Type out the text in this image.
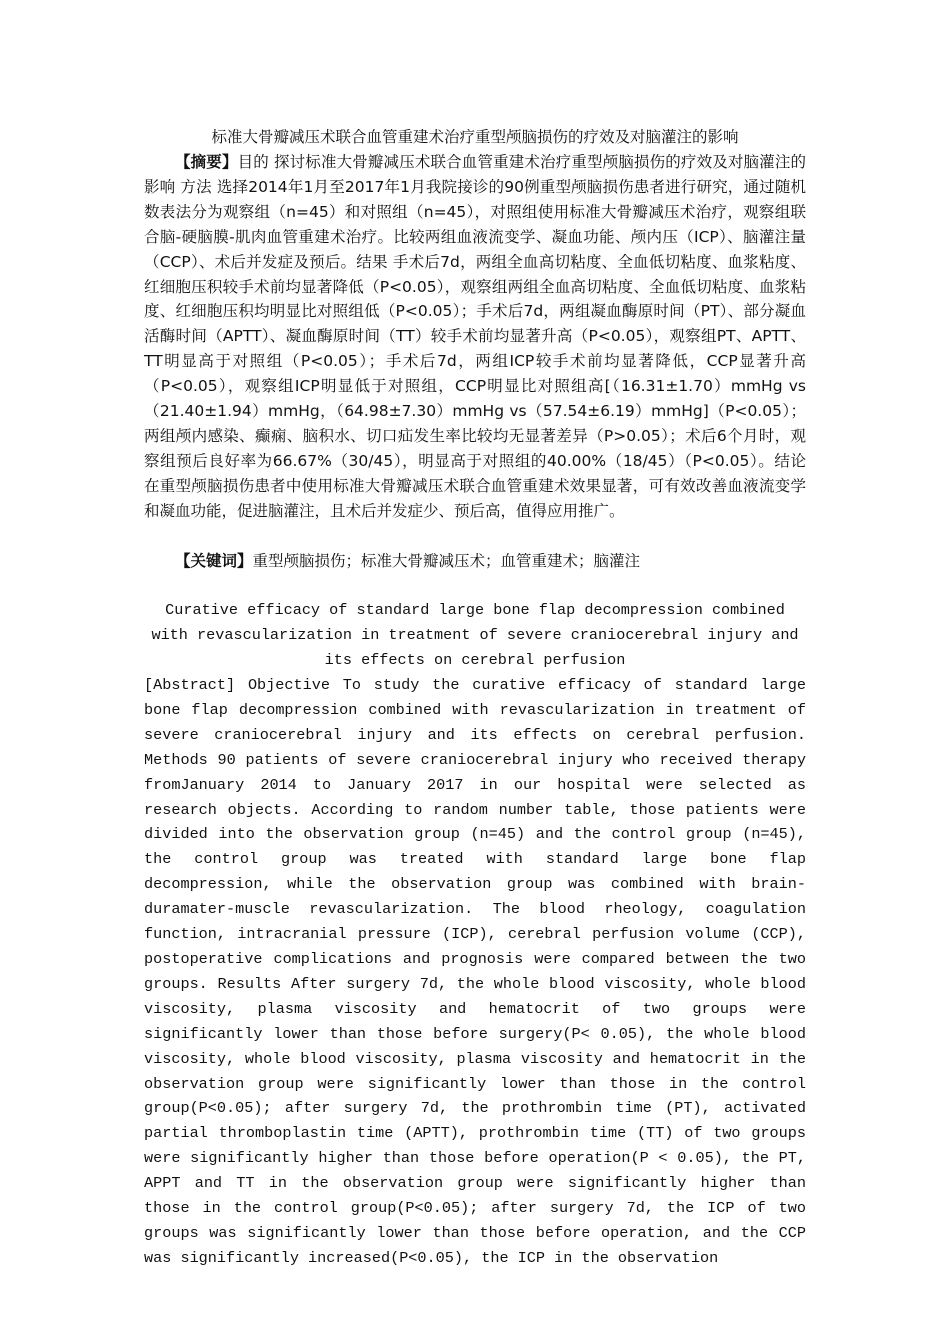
标准大骨瓣减压术联合血管重建术治疗重型颅脑损伤的疗效及对脑灌注的影响

【摘要】目的 探讨标准大骨瓣减压术联合血管重建术治疗重型颅脑损伤的疗效及对脑灌注的影响 方法 选择2014年1月至2017年1月我院接诊的90例重型颅脑损伤患者进行研究，通过随机数表法分为观察组（n=45）和对照组（n=45），对照组使用标准大骨瓣减压术治疗，观察组联合脑-硬脑膜-肌肉血管重建术治疗。比较两组血液流变学、凝血功能、颅内压（ICP）、脑灌注量（CCP）、术后并发症及预后。结果 手术后7d，两组全血高切粘度、全血低切粘度、血浆粘度、红细胞压积较手术前均显著降低（P<0.05），观察组两组全血高切粘度、全血低切粘度、血浆粘度、红细胞压积均明显比对照组低（P<0.05）；手术后7d，两组凝血酶原时间（PT）、部分凝血活酶时间（APTT）、凝血酶原时间（TT）较手术前均显著升高（P<0.05），观察组PT、APTT、TT明显高于对照组（P<0.05）；手术后7d，两组ICP较手术前均显著降低，CCP显著升高（P<0.05），观察组ICP明显低于对照组，CCP明显比对照组高[（16.31±1.70）mmHg vs（21.40±1.94）mmHg，（64.98±7.30）mmHg vs（57.54±6.19）mmHg]（P<0.05）；两组颅内感染、癫痫、脑积水、切口疝发生率比较均无显著差异（P>0.05）；术后6个月时，观察组预后良好率为66.67%（30/45），明显高于对照组的40.00%（18/45）（P<0.05）。结论 在重型颅脑损伤患者中使用标准大骨瓣减压术联合血管重建术效果显著，可有效改善血液流变学和凝血功能，促进脑灌注，且术后并发症少、预后高，值得应用推广。

【关键词】重型颅脑损伤；标准大骨瓣减压术；血管重建术；脑灌注

Curative efficacy of standard large bone flap decompression combined with revascularization in treatment of severe craniocerebral injury and its effects on cerebral perfusion

[Abstract] Objective To study the curative efficacy of standard large bone flap decompression combined with revascularization in treatment of severe craniocerebral injury and its effects on cerebral perfusion. Methods 90 patients of severe craniocerebral injury who received therapy fromJanuary 2014 to January 2017 in our hospital were selected as research objects. According to random number table, those patients were divided into the observation group (n=45) and the control group (n=45), the control group was treated with standard large bone flap decompression, while the observation group was combined with brain-duramater-muscle revascularization. The blood rheology, coagulation function, intracranial pressure (ICP), cerebral perfusion volume (CCP), postoperative complications and prognosis were compared between the two groups. Results After surgery 7d, the whole blood viscosity, whole blood viscosity, plasma viscosity and hematocrit of two groups were significantly lower than those before surgery(P< 0.05), the whole blood viscosity, whole blood viscosity, plasma viscosity and hematocrit in the observation group were significantly lower than those in the control group(P<0.05); after surgery 7d, the prothrombin time (PT), activated partial thromboplastin time (APTT), prothrombin time (TT) of two groups were significantly higher than those before operation(P < 0.05), the PT, APPT and TT in the observation group were significantly higher than those in the control group(P<0.05); after surgery 7d, the ICP of two groups was significantly lower than those before operation, and the CCP was significantly increased(P<0.05), the ICP in the observation
